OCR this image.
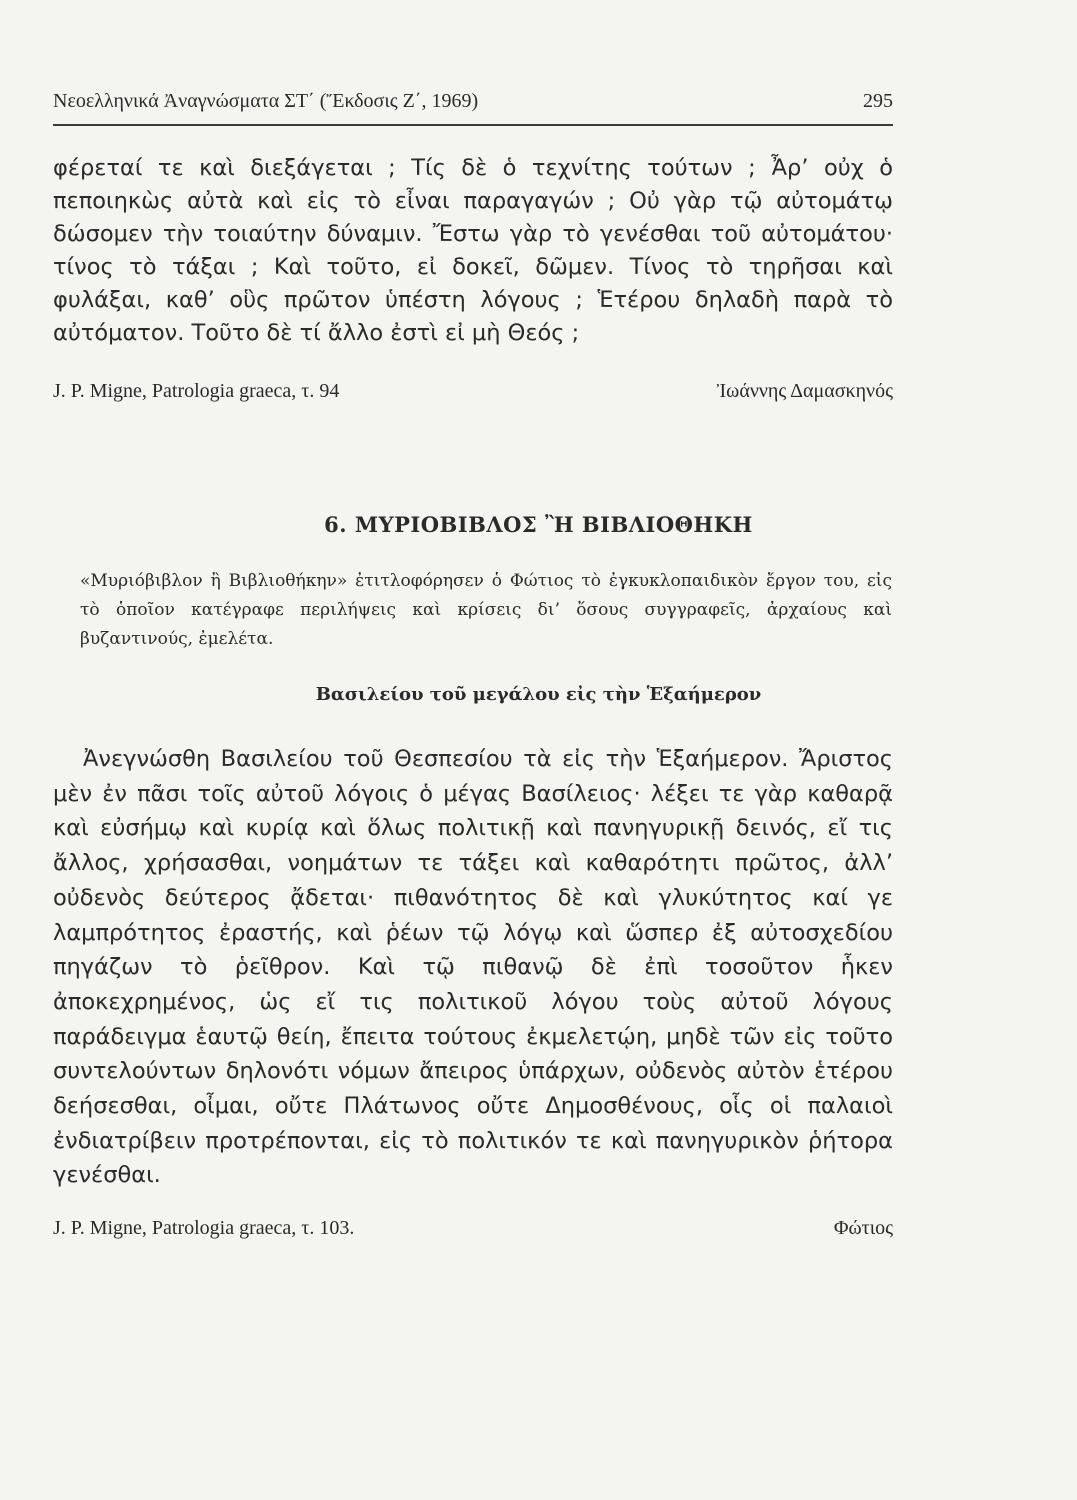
Νεοελληνικά Ἀναγνώσματα ΣΤ΄ (Ἔκδοσις Ζ΄, 1969)	295

φέρεταί τε καὶ διεξάγεται ; Τίς δὲ ὁ τεχνίτης τούτων ; Ἆρ’ οὐχ ὁ πεποιηκὼς αὐτὰ καὶ εἰς τὸ εἶναι παραγαγών ; Οὐ γὰρ τῷ αὐτομάτῳ δώσομεν τὴν τοιαύτην δύναμιν. Ἔστω γὰρ τὸ γενέσθαι τοῦ αὐτομάτου· τίνος τὸ τάξαι ; Καὶ τοῦτο, εἰ δοκεῖ, δῶμεν. Τίνος τὸ τηρῆσαι καὶ φυλάξαι, καθ’ οὓς πρῶτον ὑπέστη λόγους ; Ἑτέρου δηλαδὴ παρὰ τὸ αὐτόματον. Τοῦτο δὲ τί ἄλλο ἐστὶ εἰ μὴ Θεός ;

J. P. Migne, Patrologia graeca, τ. 94	Ἰωάννης Δαμασκηνός
6. ΜΥΡΙΟΒΙΒΛΟΣ Ἢ ΒΙΒΛΙΟΘΗΚΗ

«Μυριόβιβλον ἢ Βιβλιοθήκην» ἐτιτλοφόρησεν ὁ Φώτιος τὸ ἐγκυκλοπαιδικὸν ἔργον του, εἰς τὸ ὁποῖον κατέγραφε περιλήψεις καὶ κρίσεις δι’ ὅσους συγγραφεῖς, ἀρχαίους καὶ βυζαντινούς, ἐμελέτα.

Βασιλείου τοῦ μεγάλου εἰς τὴν Ἑξαήμερον

Ἀνεγνώσθη Βασιλείου τοῦ Θεσπεσίου τὰ εἰς τὴν Ἑξαήμερον. Ἄριστος μὲν ἐν πᾶσι τοῖς αὐτοῦ λόγοις ὁ μέγας Βασίλειος· λέξει τε γὰρ καθαρᾷ καὶ εὐσήμῳ καὶ κυρίᾳ καὶ ὅλως πολιτικῇ καὶ πανηγυρικῇ δεινός, εἴ τις ἄλλος, χρήσασθαι, νοημάτων τε τάξει καὶ καθαρότητι πρῶτος, ἀλλ’ οὐδενὸς δεύτερος ᾄδεται· πιθανότητος δὲ καὶ γλυκύτητος καί γε λαμπρότητος ἐραστής, καὶ ῥέων τῷ λόγῳ καὶ ὥσπερ ἐξ αὐτοσχεδίου πηγάζων τὸ ῥεῖθρον. Καὶ τῷ πιθανῷ δὲ ἐπὶ τοσοῦτον ἧκεν ἀποκεχρημένος, ὡς εἴ τις πολιτικοῦ λόγου τοὺς αὐτοῦ λόγους παράδειγμα ἑαυτῷ θείη, ἔπειτα τούτους ἐκμελετῴη, μηδὲ τῶν εἰς τοῦτο συντελούντων δηλονότι νόμων ἄπειρος ὑπάρχων, οὐδενὸς αὐτὸν ἑτέρου δεήσεσθαι, οἶμαι, οὔτε Πλάτωνος οὔτε Δημοσθένους, οἷς οἱ παλαιοὶ ἐνδιατρίβειν προτρέπονται, εἰς τὸ πολιτικόν τε καὶ πανηγυρικὸν ῥήτορα γενέσθαι.

J. P. Migne, Patrologia graeca, τ. 103.	Φώτιος
